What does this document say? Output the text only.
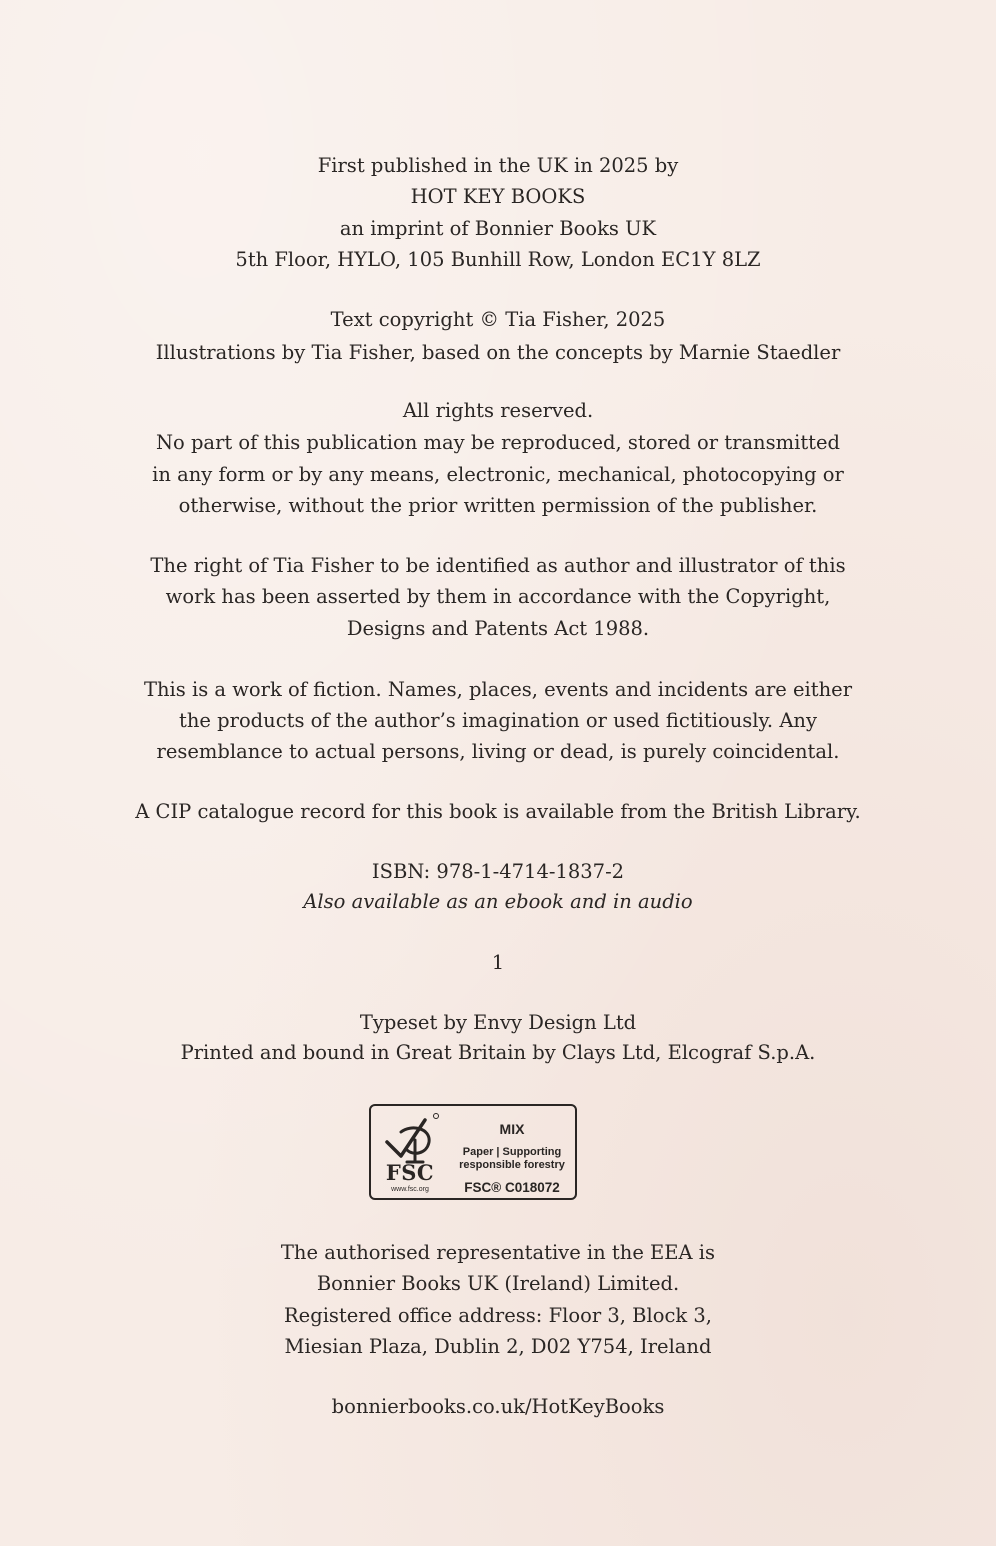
First published in the UK in 2025 by
HOT KEY BOOKS
an imprint of Bonnier Books UK
5th Floor, HYLO, 105 Bunhill Row, London EC1Y 8LZ
Text copyright © Tia Fisher, 2025
Illustrations by Tia Fisher, based on the concepts by Marnie Staedler
All rights reserved.
No part of this publication may be reproduced, stored or transmitted
in any form or by any means, electronic, mechanical, photocopying or
otherwise, without the prior written permission of the publisher.
The right of Tia Fisher to be identified as author and illustrator of this
work has been asserted by them in accordance with the Copyright,
Designs and Patents Act 1988.
This is a work of fiction. Names, places, events and incidents are either
the products of the author’s imagination or used fictitiously. Any
resemblance to actual persons, living or dead, is purely coincidental.
A CIP catalogue record for this book is available from the British Library.
ISBN: 978-1-4714-1837-2
Also available as an ebook and in audio
1
Typeset by Envy Design Ltd
Printed and bound in Great Britain by Clays Ltd, Elcograf S.p.A.
FSC
www.fsc.org
MIX
Paper | Supporting
responsible forestry
FSC® C018072
The authorised representative in the EEA is
Bonnier Books UK (Ireland) Limited.
Registered office address: Floor 3, Block 3,
Miesian Plaza, Dublin 2, D02 Y754, Ireland
bonnierbooks.co.uk/HotKeyBooks
